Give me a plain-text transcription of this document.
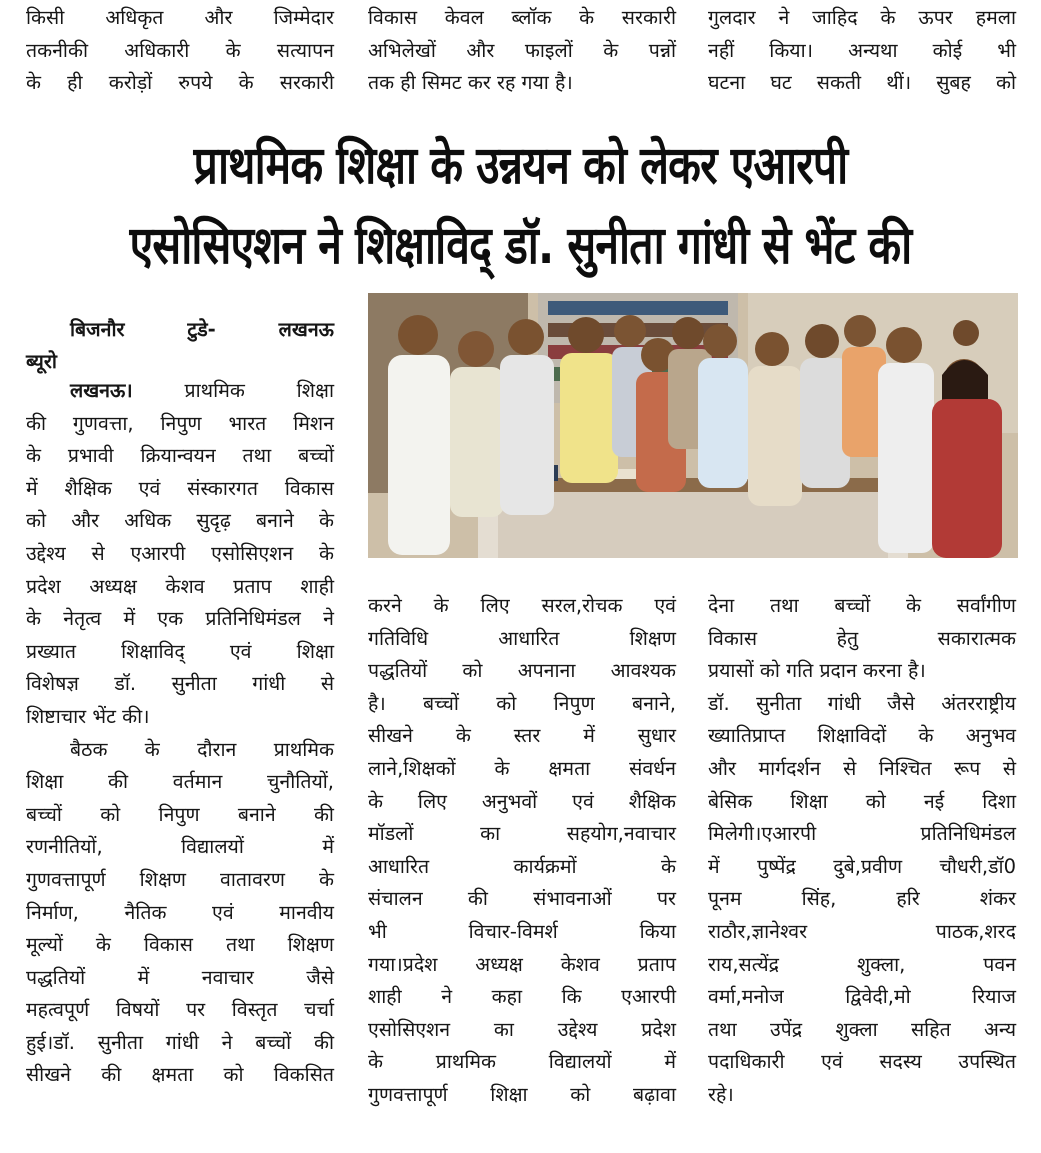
किसी अधिकृत और जिम्मेदार

तकनीकी अधिकारी के सत्यापन

के ही करोड़ों रुपये के सरकारी

विकास केवल ब्लॉक के सरकारी

अभिलेखों और फाइलों के पन्नों

तक ही सिमट कर रह गया है।

गुलदार ने जाहिद के ऊपर हमला

नहीं किया। अन्यथा कोई भी

घटना घट सकती थीं। सुबह को

प्राथमिक शिक्षा के उन्नयन को लेकर एआरपी
एसोसिएशन ने शिक्षाविद् डॉ. सुनीता गांधी से भेंट की
बिजनौर टुडे- लखनऊ
ब्यूरो

लखनऊ।	प्राथमिक शिक्षा

की गुणवत्ता, निपुण भारत मिशन

के प्रभावी क्रियान्वयन तथा बच्चों

में शैक्षिक एवं संस्कारगत विकास

को और अधिक सुदृढ़ बनाने के

उद्देश्य से एआरपी एसोसिएशन के

प्रदेश अध्यक्ष केशव प्रताप शाही

के नेतृत्व में एक प्रतिनिधिमंडल ने

प्रख्यात शिक्षाविद् एवं शिक्षा

विशेषज्ञ डॉ. सुनीता गांधी से

शिष्टाचार भेंट की।

बैठक के दौरान प्राथमिक

शिक्षा की वर्तमान चुनौतियों,

बच्चों को निपुण बनाने की

रणनीतियों, विद्यालयों में

गुणवत्तापूर्ण शिक्षण वातावरण के

निर्माण, नैतिक एवं मानवीय

मूल्यों के विकास तथा शिक्षण

पद्धतियों में नवाचार जैसे

महत्वपूर्ण विषयों पर विस्तृत चर्चा

हुई।डॉ. सुनीता गांधी ने बच्चों की

सीखने की क्षमता को विकसित

करने के लिए सरल,रोचक एवं

गतिविधि आधारित शिक्षण

पद्धतियों को अपनाना आवश्यक

है। बच्चों को निपुण बनाने,

सीखने के स्तर में सुधार

लाने,शिक्षकों के क्षमता संवर्धन

के लिए अनुभवों एवं शैक्षिक

मॉडलों का सहयोग,नवाचार

आधारित कार्यक्रमों के

संचालन की संभावनाओं पर

भी विचार-विमर्श किया

गया।प्रदेश अध्यक्ष केशव प्रताप

शाही ने कहा कि एआरपी

एसोसिएशन का उद्देश्य प्रदेश

के प्राथमिक विद्यालयों में

गुणवत्तापूर्ण शिक्षा को बढ़ावा

देना तथा बच्चों के सर्वांगीण

विकास हेतु सकारात्मक

प्रयासों को गति प्रदान करना है।

डॉ. सुनीता गांधी जैसे अंतरराष्ट्रीय

ख्यातिप्राप्त शिक्षाविदों के अनुभव

और मार्गदर्शन से निश्चित रूप से

बेसिक शिक्षा को नई दिशा

मिलेगी।एआरपी प्रतिनिधिमंडल

में पुष्पेंद्र दुबे,प्रवीण चौधरी,डॉ0

पूनम सिंह, हरि शंकर

राठौर,ज्ञानेश्वर पाठक,शरद

राय,सत्येंद्र शुक्ला, पवन

वर्मा,मनोज द्विवेदी,मो रियाज

तथा उपेंद्र शुक्ला सहित अन्य

पदाधिकारी एवं सदस्य उपस्थित

रहे।
